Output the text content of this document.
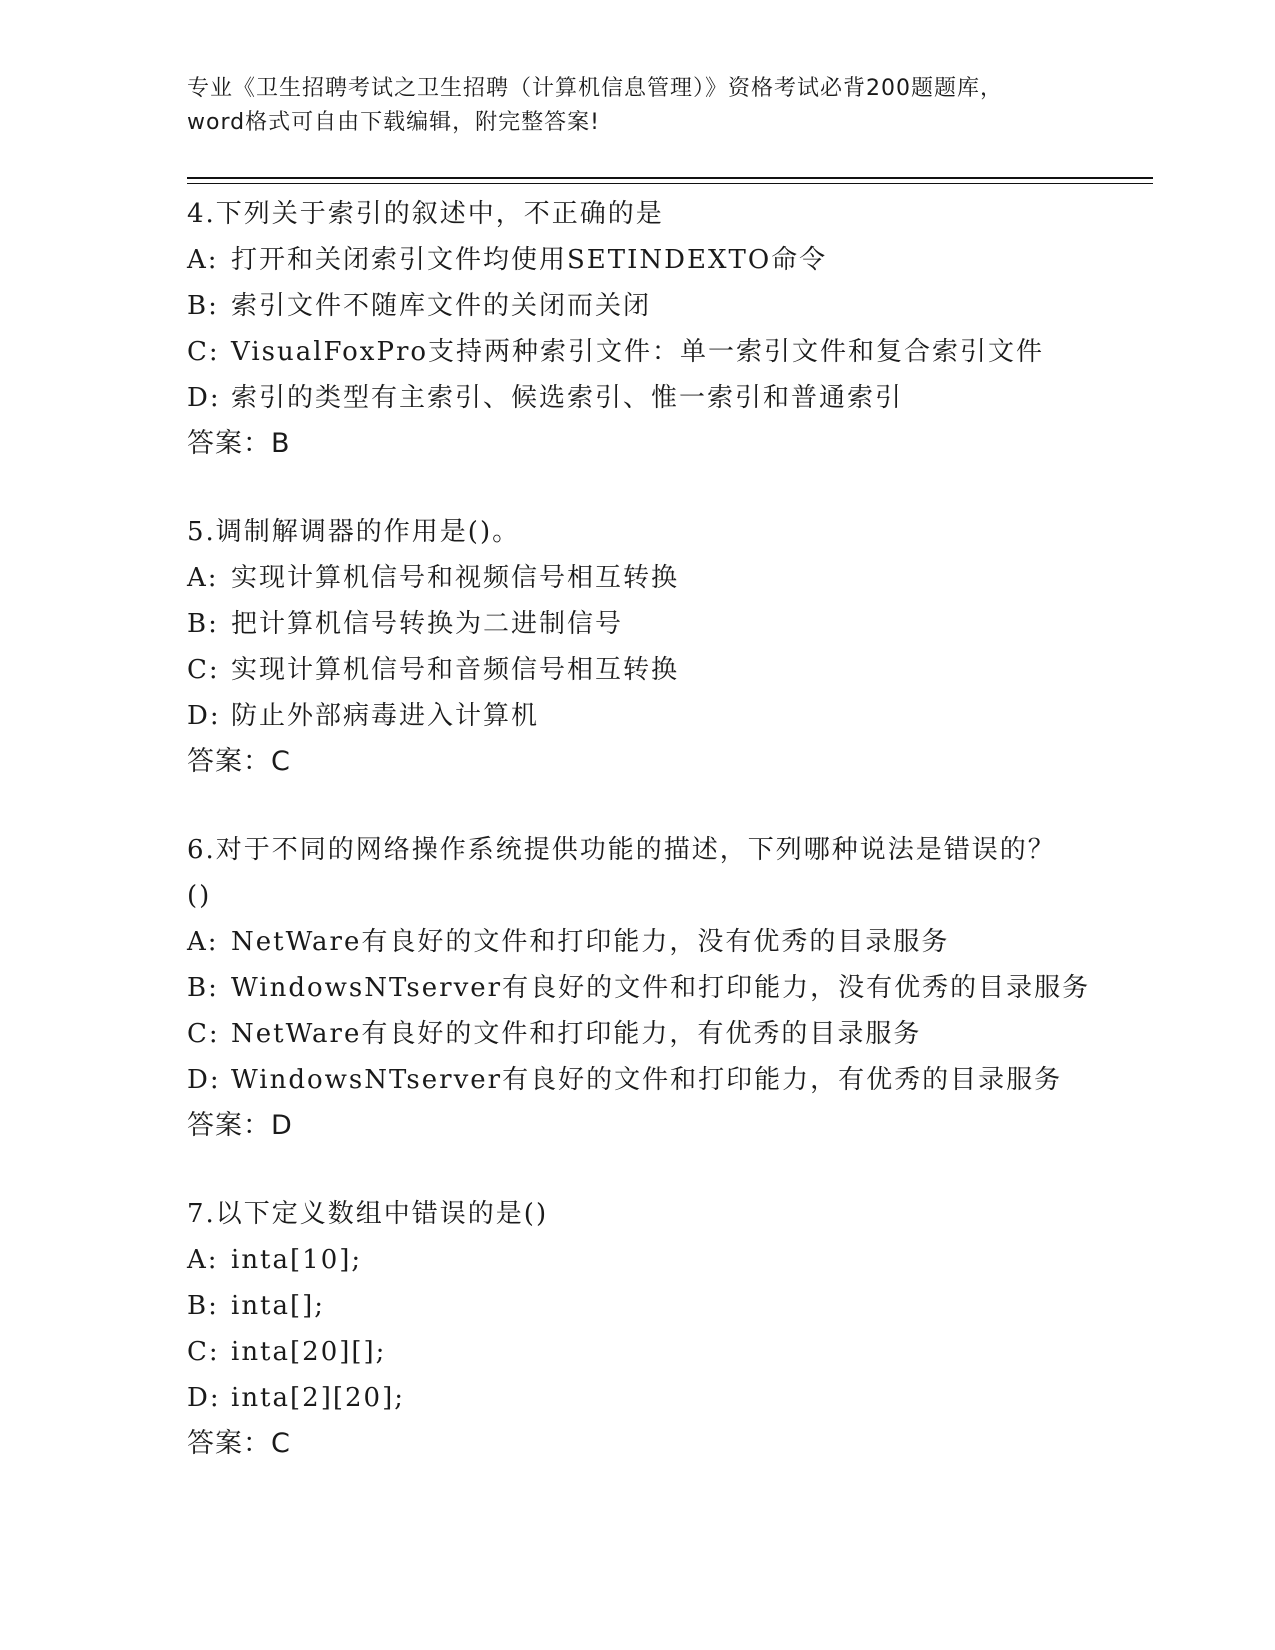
专业《卫生招聘考试之卫生招聘（计算机信息管理）》资格考试必背200题题库，
word格式可自由下载编辑，附完整答案!
4.下列关于索引的叙述中，不正确的是
A: 打开和关闭索引文件均使用SETINDEXTO命令
B: 索引文件不随库文件的关闭而关闭
C: VisualFoxPro支持两种索引文件：单一索引文件和复合索引文件
D: 索引的类型有主索引、候选索引、惟一索引和普通索引
答案：B
5.调制解调器的作用是()。
A: 实现计算机信号和视频信号相互转换
B: 把计算机信号转换为二进制信号
C: 实现计算机信号和音频信号相互转换
D: 防止外部病毒进入计算机
答案：C
6.对于不同的网络操作系统提供功能的描述，下列哪种说法是错误的？()
A: NetWare有良好的文件和打印能力，没有优秀的目录服务
B: WindowsNTserver有良好的文件和打印能力，没有优秀的目录服务
C: NetWare有良好的文件和打印能力，有优秀的目录服务
D: WindowsNTserver有良好的文件和打印能力，有优秀的目录服务
答案：D
7.以下定义数组中错误的是()
A: inta[10];
B: inta[];
C: inta[20][];
D: inta[2][20];
答案：C
